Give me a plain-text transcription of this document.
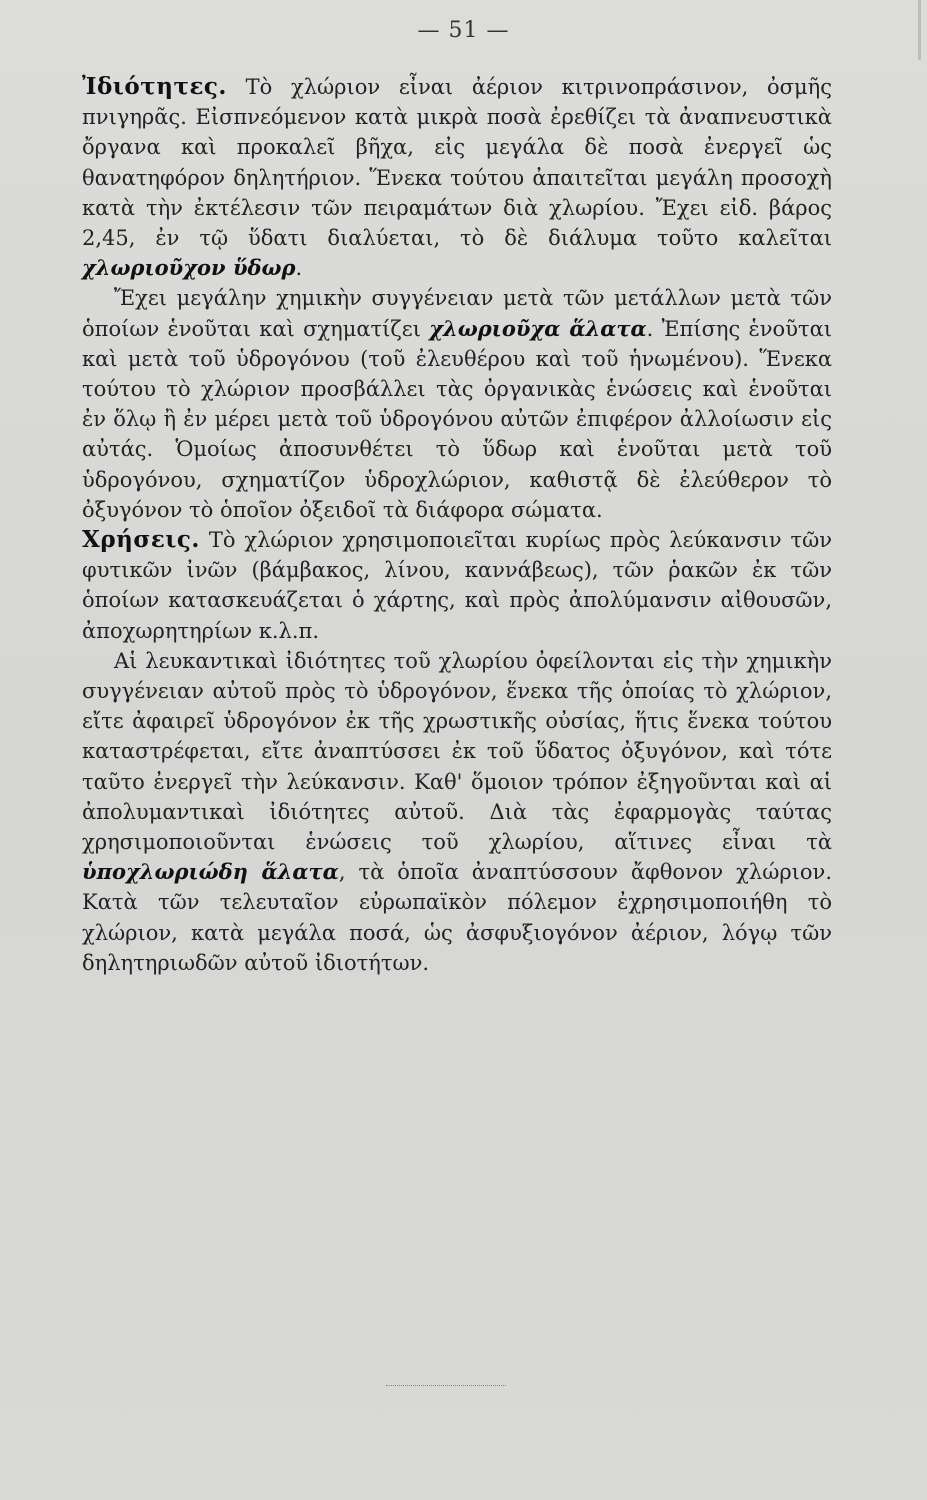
— 51 —

Ἰδιότητες. Τὸ χλώριον εἶναι ἀέριον κιτρινοπράσινον, ὀσμῆς πνιγηρᾶς. Εἰσπνεόμενον κατὰ μικρὰ ποσὰ ἐρεθίζει τὰ ἀναπνευστικὰ ὄργανα καὶ προκαλεῖ βῆχα, εἰς μεγάλα δὲ ποσὰ ἐνεργεῖ ὡς θανατηφόρον δηλητήριον. Ἕνεκα τούτου ἀπαιτεῖται μεγάλη προσοχὴ κατὰ τὴν ἐκτέλεσιν τῶν πειραμάτων διὰ χλωρίου. Ἔχει εἰδ. βάρος 2,45, ἐν τῷ ὕδατι διαλύεται, τὸ δὲ διάλυμα τοῦτο καλεῖται χλωριοῦχον ὕδωρ.

Ἔχει μεγάλην χημικὴν συγγένειαν μετὰ τῶν μετάλλων μετὰ τῶν ὁποίων ἑνοῦται καὶ σχηματίζει χλωριοῦχα ἅλατα. Ἐπίσης ἑνοῦται καὶ μετὰ τοῦ ὑδρογόνου (τοῦ ἐλευθέρου καὶ τοῦ ἡνωμένου). Ἕνεκα τούτου τὸ χλώριον προσβάλλει τὰς ὀργανικὰς ἑνώσεις καὶ ἑνοῦται ἐν ὅλῳ ἢ ἐν μέρει μετὰ τοῦ ὑδρογόνου αὐτῶν ἐπιφέρον ἀλλοίωσιν εἰς αὐτάς. Ὁμοίως ἀποσυνθέτει τὸ ὕδωρ καὶ ἑνοῦται μετὰ τοῦ ὑδρογόνου, σχηματίζον ὑδροχλώριον, καθιστᾷ δὲ ἐλεύθερον τὸ ὀξυγόνον τὸ ὁποῖον ὀξειδοῖ τὰ διάφορα σώματα.

Χρήσεις. Τὸ χλώριον χρησιμοποιεῖται κυρίως πρὸς λεύκανσιν τῶν φυτικῶν ἰνῶν (βάμβακος, λίνου, καννάβεως), τῶν ῥακῶν ἐκ τῶν ὁποίων κατασκευάζεται ὁ χάρτης, καὶ πρὸς ἀπολύμανσιν αἰθουσῶν, ἀποχωρητηρίων κ.λ.π.

Αἱ λευκαντικαὶ ἰδιότητες τοῦ χλωρίου ὀφείλονται εἰς τὴν χημικὴν συγγένειαν αὐτοῦ πρὸς τὸ ὑδρογόνον, ἕνεκα τῆς ὁποίας τὸ χλώριον, εἴτε ἀφαιρεῖ ὑδρογόνον ἐκ τῆς χρωστικῆς οὐσίας, ἥτις ἕνεκα τούτου καταστρέφεται, εἴτε ἀναπτύσσει ἐκ τοῦ ὕδατος ὀξυγόνον, καὶ τότε ταῦτο ἐνεργεῖ τὴν λεύκανσιν. Καθ' ὅμοιον τρόπον ἐξηγοῦνται καὶ αἱ ἀπολυμαντικαὶ ἰδιότητες αὐτοῦ. Διὰ τὰς ἐφαρμογὰς ταύτας χρησιμοποιοῦνται ἑνώσεις τοῦ χλωρίου, αἵτινες εἶναι τὰ ὑποχλωριώδη ἅλατα, τὰ ὁποῖα ἀναπτύσσουν ἄφθονον χλώριον. Κατὰ τῶν τελευταῖον εὐρωπαϊκὸν πόλεμον ἐχρησιμοποιήθη τὸ χλώριον, κατὰ μεγάλα ποσά, ὡς ἀσφυξιογόνον ἀέριον, λόγῳ τῶν δηλητηριωδῶν αὐτοῦ ἰδιοτήτων.
